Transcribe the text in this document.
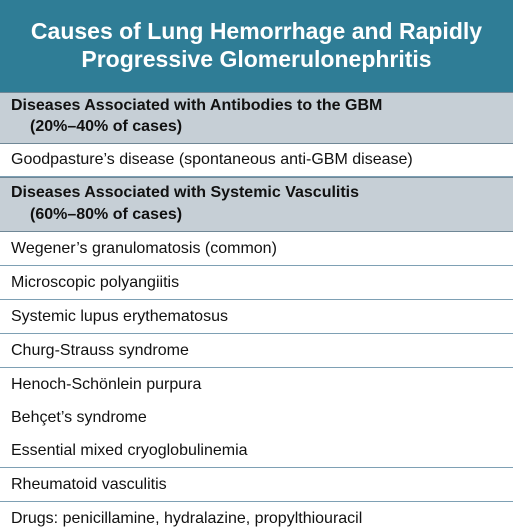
Causes of Lung Hemorrhage and Rapidly
Progressive Glomerulonephritis
Diseases Associated with Antibodies to the GBM
(20%–40% of cases)
Goodpasture’s disease (spontaneous anti-GBM disease)
Diseases Associated with Systemic Vasculitis
(60%–80% of cases)
Wegener’s granulomatosis (common)
Microscopic polyangiitis
Systemic lupus erythematosus
Churg-Strauss syndrome
Henoch-Schönlein purpura
Behçet’s syndrome
Essential mixed cryoglobulinemia
Rheumatoid vasculitis
Drugs: penicillamine, hydralazine, propylthiouracil
